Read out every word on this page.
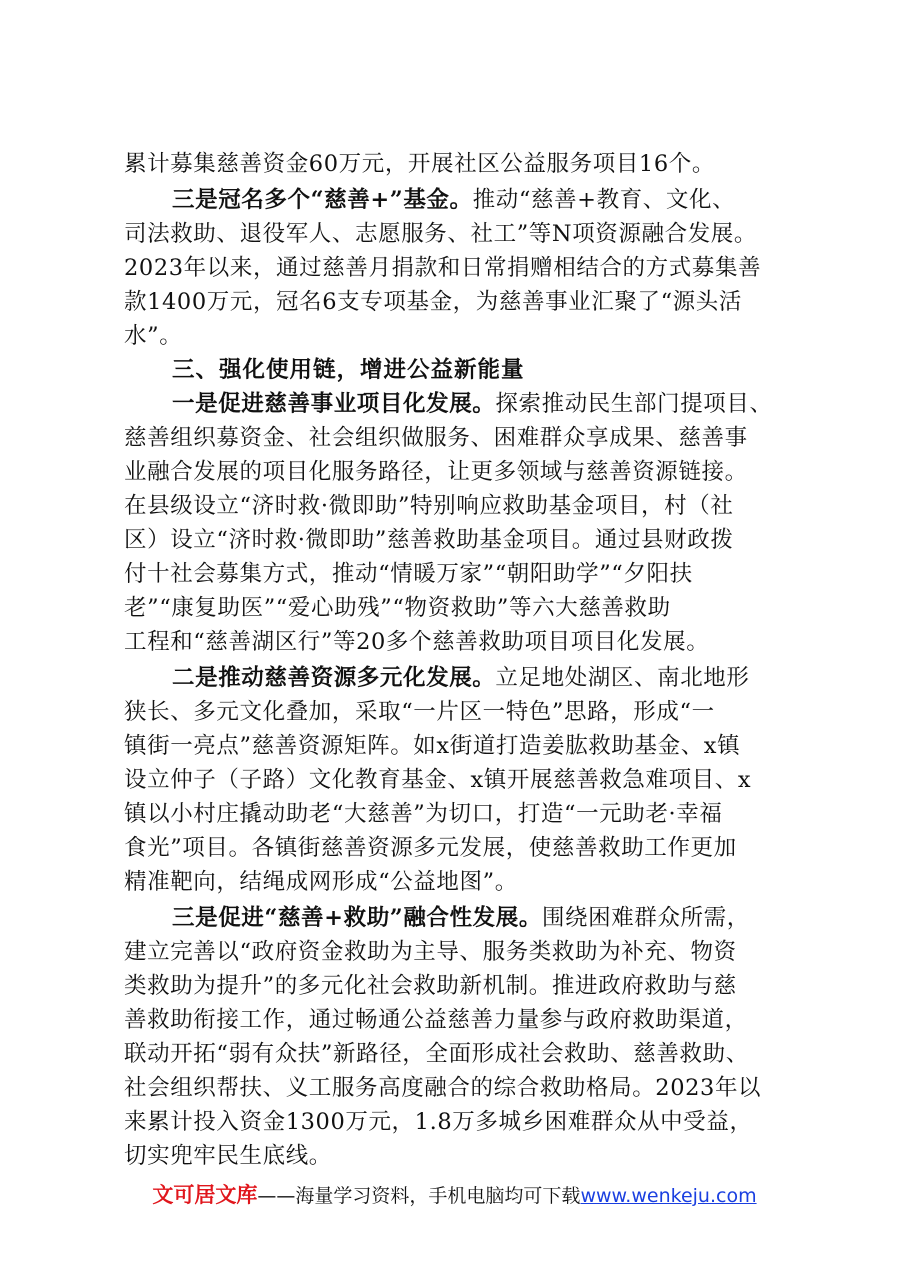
累计募集慈善资金60万元，开展社区公益服务项目16个。
三是冠名多个“慈善+”基金。推动“慈善+教育、文化、
司法救助、退役军人、志愿服务、社工”等N项资源融合发展。
2023年以来，通过慈善月捐款和日常捐赠相结合的方式募集善
款1400万元，冠名6支专项基金，为慈善事业汇聚了“源头活
水”。
三、强化使用链，增进公益新能量
一是促进慈善事业项目化发展。探索推动民生部门提项目、
慈善组织募资金、社会组织做服务、困难群众享成果、慈善事
业融合发展的项目化服务路径，让更多领域与慈善资源链接。
在县级设立“济时救·微即助”特别响应救助基金项目，村（社
区）设立“济时救·微即助”慈善救助基金项目。通过县财政拨
付十社会募集方式，推动“情暖万家”“朝阳助学”“夕阳扶
老”“康复助医”“爱心助残”“物资救助”等六大慈善救助
工程和“慈善湖区行”等20多个慈善救助项目项目化发展。
二是推动慈善资源多元化发展。立足地处湖区、南北地形
狭长、多元文化叠加，采取“一片区一特色”思路，形成“一
镇街一亮点”慈善资源矩阵。如x街道打造姜肱救助基金、x镇
设立仲子（子路）文化教育基金、x镇开展慈善救急难项目、x
镇以小村庄撬动助老“大慈善”为切口，打造“一元助老·幸福
食光”项目。各镇街慈善资源多元发展，使慈善救助工作更加
精准靶向，结绳成网形成“公益地图”。
三是促进“慈善+救助”融合性发展。围绕困难群众所需，
建立完善以“政府资金救助为主导、服务类救助为补充、物资
类救助为提升”的多元化社会救助新机制。推进政府救助与慈
善救助衔接工作，通过畅通公益慈善力量参与政府救助渠道，
联动开拓“弱有众扶”新路径，全面形成社会救助、慈善救助、
社会组织帮扶、义工服务高度融合的综合救助格局。2023年以
来累计投入资金1300万元，1.8万多城乡困难群众从中受益，
切实兜牢民生底线。
文可居文库——海量学习资料，手机电脑均可下载www.wenkeju.com
